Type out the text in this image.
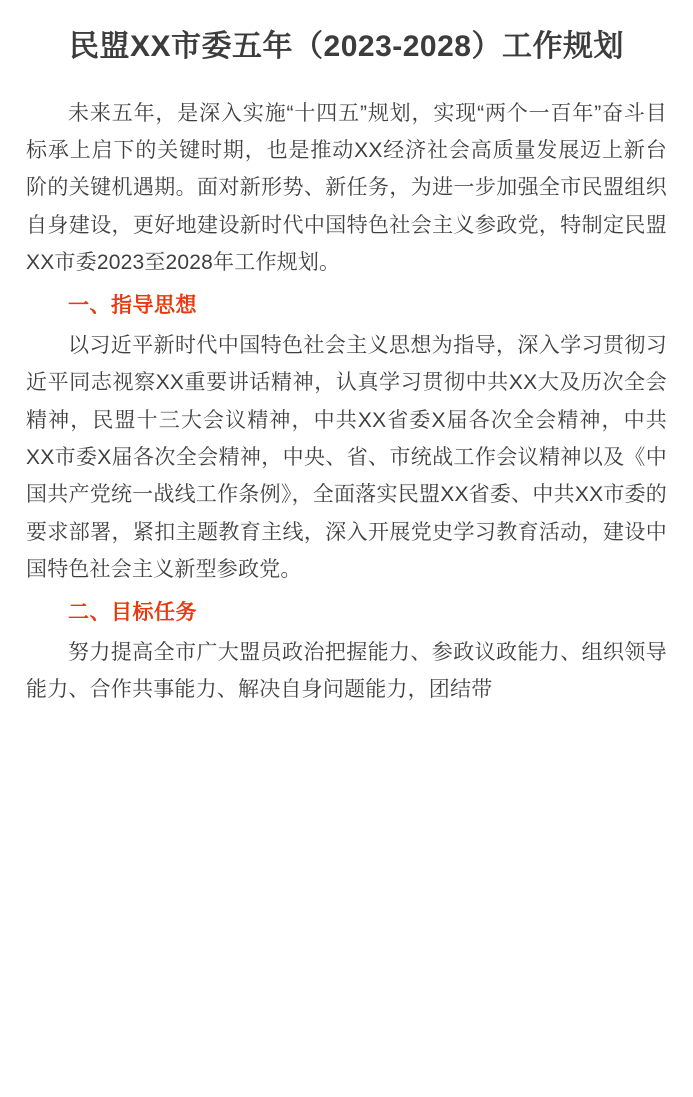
民盟XX市委五年（2023‑2028）工作规划

未来五年，是深入实施“十四五”规划，实现“两个一百年”奋斗目标承上启下的关键时期，也是推动XX经济社会高质量发展迈上新台阶的关键机遇期。面对新形势、新任务，为进一步加强全市民盟组织自身建设，更好地建设新时代中国特色社会主义参政党，特制定民盟XX市委2023至2028年工作规划。

一、指导思想

以习近平新时代中国特色社会主义思想为指导，深入学习贯彻习近平同志视察XX重要讲话精神，认真学习贯彻中共XX大及历次全会精神，民盟十三大会议精神，中共XX省委X届各次全会精神，中共XX市委X届各次全会精神，中央、省、市统战工作会议精神以及《中国共产党统一战线工作条例》，全面落实民盟XX省委、中共XX市委的要求部署，紧扣主题教育主线，深入开展党史学习教育活动，建设中国特色社会主义新型参政党。

二、目标任务

努力提高全市广大盟员政治把握能力、参政议政能力、组织领导能力、合作共事能力、解决自身问题能力，团结带
